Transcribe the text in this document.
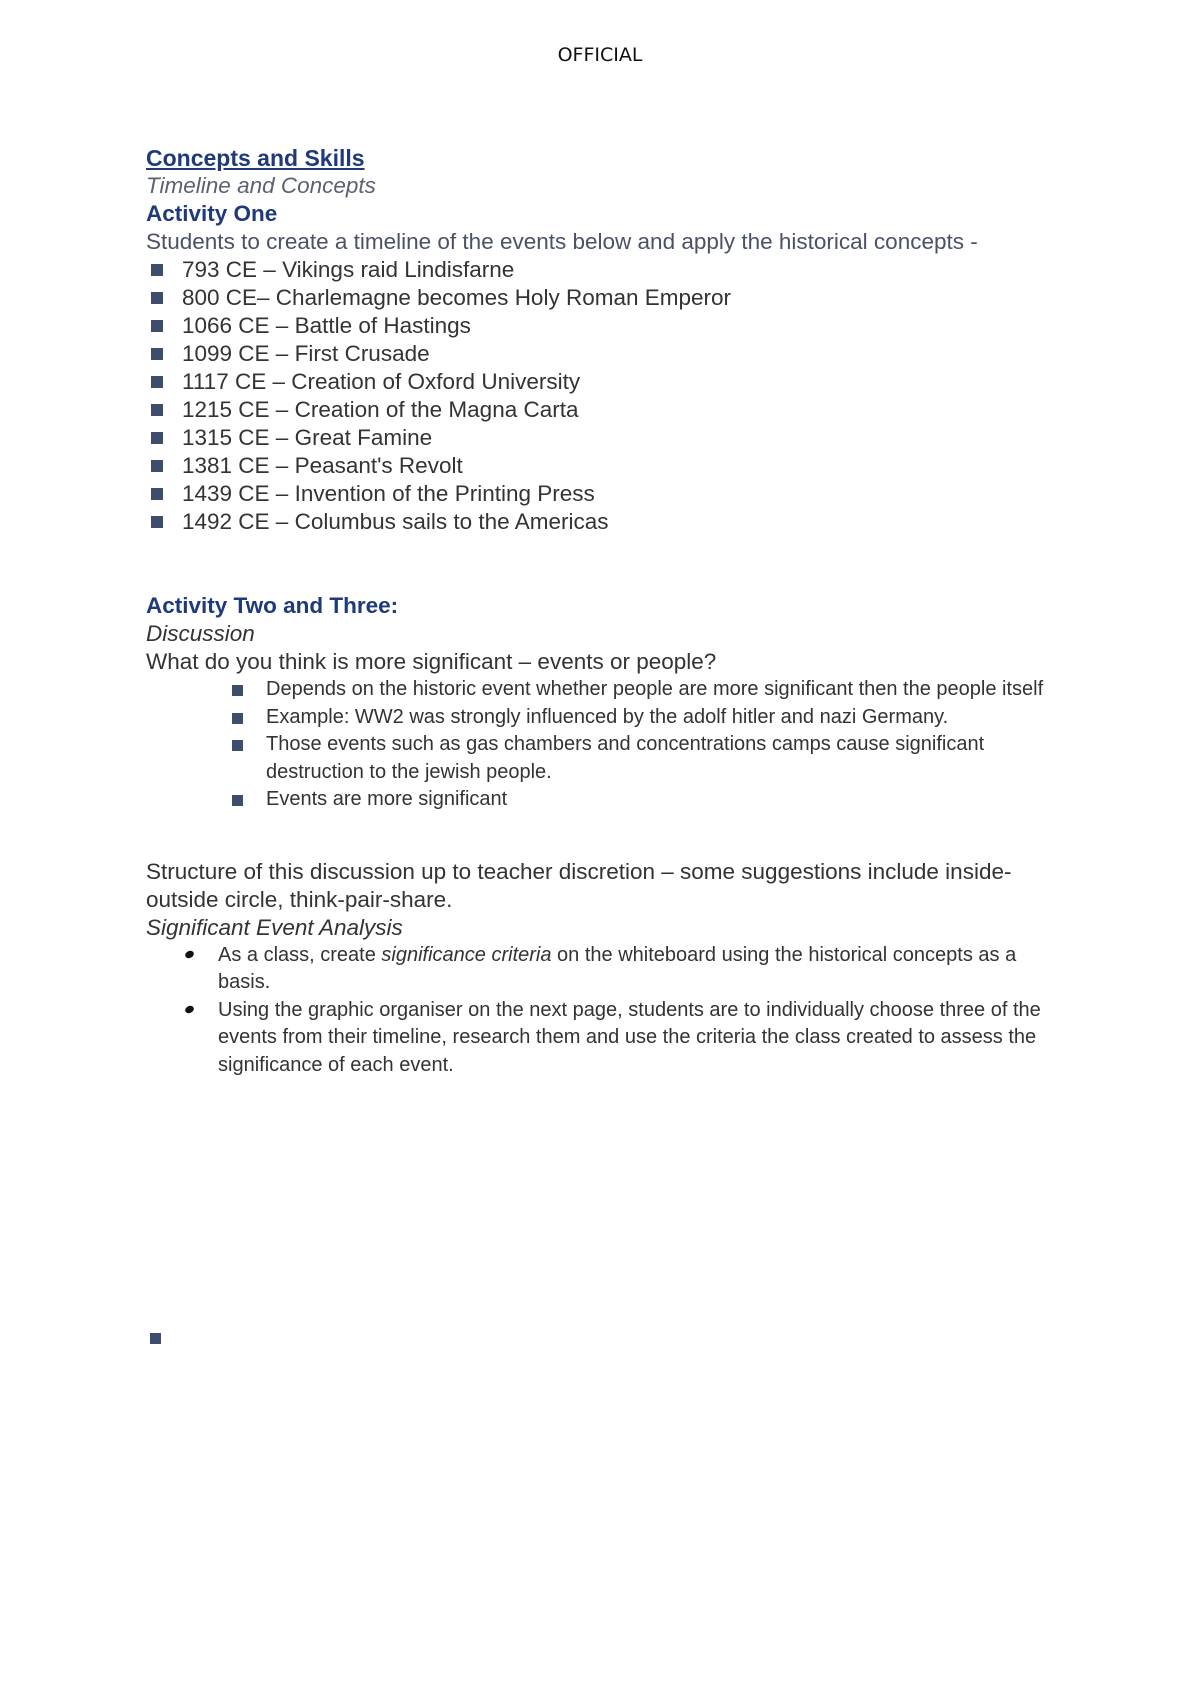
OFFICIAL

Concepts and Skills

Timeline and Concepts

Activity One

Students to create a timeline of the events below and apply the historical concepts -

793 CE – Vikings raid Lindisfarne
800 CE– Charlemagne becomes Holy Roman Emperor
1066 CE – Battle of Hastings
1099 CE – First Crusade
1117 CE – Creation of Oxford University
1215 CE – Creation of the Magna Carta
1315 CE – Great Famine
1381 CE – Peasant's Revolt
1439 CE – Invention of the Printing Press
1492 CE – Columbus sails to the Americas

Activity Two and Three:

Discussion

What do you think is more significant – events or people?

Depends on the historic event whether people are more significant then the people itself
Example: WW2 was strongly influenced by the adolf hitler and nazi Germany.
Those events such as gas chambers and concentrations camps cause significant destruction to the jewish people.
Events are more significant

Structure of this discussion up to teacher discretion – some suggestions include inside-outside circle, think-pair-share.

Significant Event Analysis

As a class, create significance criteria on the whiteboard using the historical concepts as a basis.
Using the graphic organiser on the next page, students are to individually choose three of the events from their timeline, research them and use the criteria the class created to assess the significance of each event.
